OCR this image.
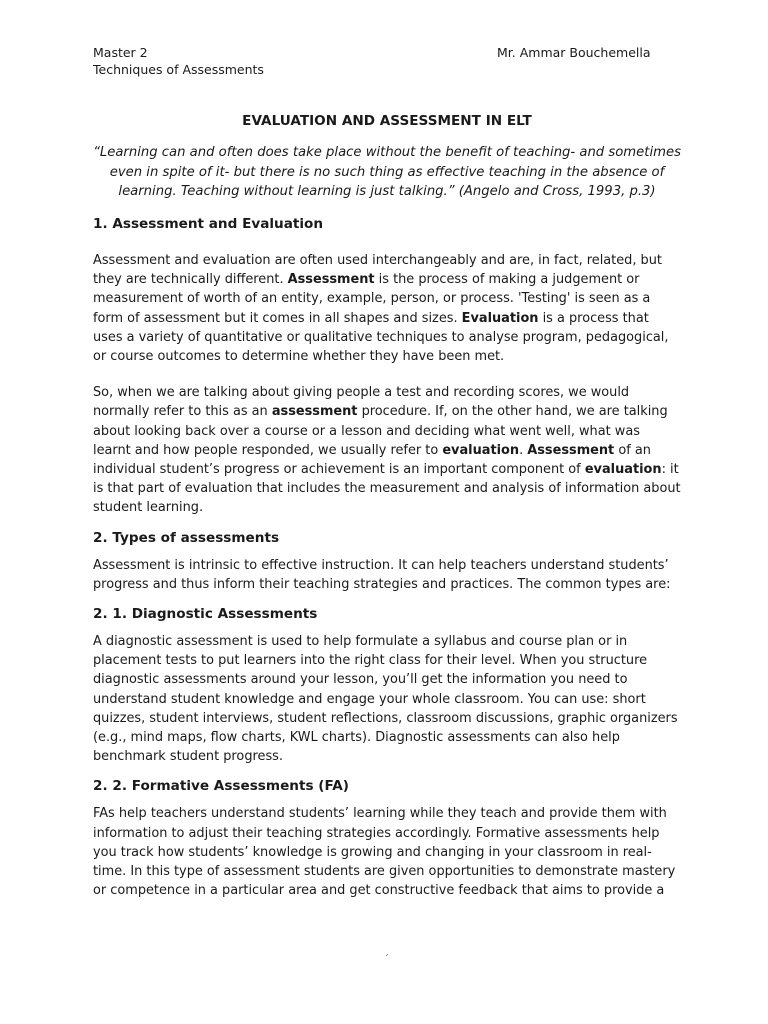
Master 2
Techniques of Assessments
Mr. Ammar Bouchemella
EVALUATION AND ASSESSMENT IN ELT
“Learning can and often does take place without the benefit of teaching- and sometimes even in spite of it- but there is no such thing as effective teaching in the absence of learning. Teaching without learning is just talking.” (Angelo and Cross, 1993, p.3)
1. Assessment and Evaluation

Assessment and evaluation are often used interchangeably and are, in fact, related, but they are technically different. Assessment is the process of making a judgement or measurement of worth of an entity, example, person, or process. 'Testing' is seen as a form of assessment but it comes in all shapes and sizes. Evaluation is a process that uses a variety of quantitative or qualitative techniques to analyse program, pedagogical, or course outcomes to determine whether they have been met.

So, when we are talking about giving people a test and recording scores, we would normally refer to this as an assessment procedure. If, on the other hand, we are talking about looking back over a course or a lesson and deciding what went well, what was learnt and how people responded, we usually refer to evaluation. Assessment of an individual student’s progress or achievement is an important component of evaluation: it is that part of evaluation that includes the measurement and analysis of information about student learning.

2. Types of assessments

Assessment is intrinsic to effective instruction. It can help teachers understand students’ progress and thus inform their teaching strategies and practices. The common types are:

2. 1. Diagnostic Assessments

A diagnostic assessment is used to help formulate a syllabus and course plan or in placement tests to put learners into the right class for their level. When you structure diagnostic assessments around your lesson, you’ll get the information you need to understand student knowledge and engage your whole classroom. You can use: short quizzes, student interviews, student reflections, classroom discussions, graphic organizers (e.g., mind maps, flow charts, KWL charts). Diagnostic assessments can also help benchmark student progress.

2. 2. Formative Assessments (FA)

FAs help teachers understand students’ learning while they teach and provide them with information to adjust their teaching strategies accordingly. Formative assessments help you track how students’ knowledge is growing and changing in your classroom in real-time. In this type of assessment students are given opportunities to demonstrate mastery or competence in a particular area and get constructive feedback that aims to provide a

´
